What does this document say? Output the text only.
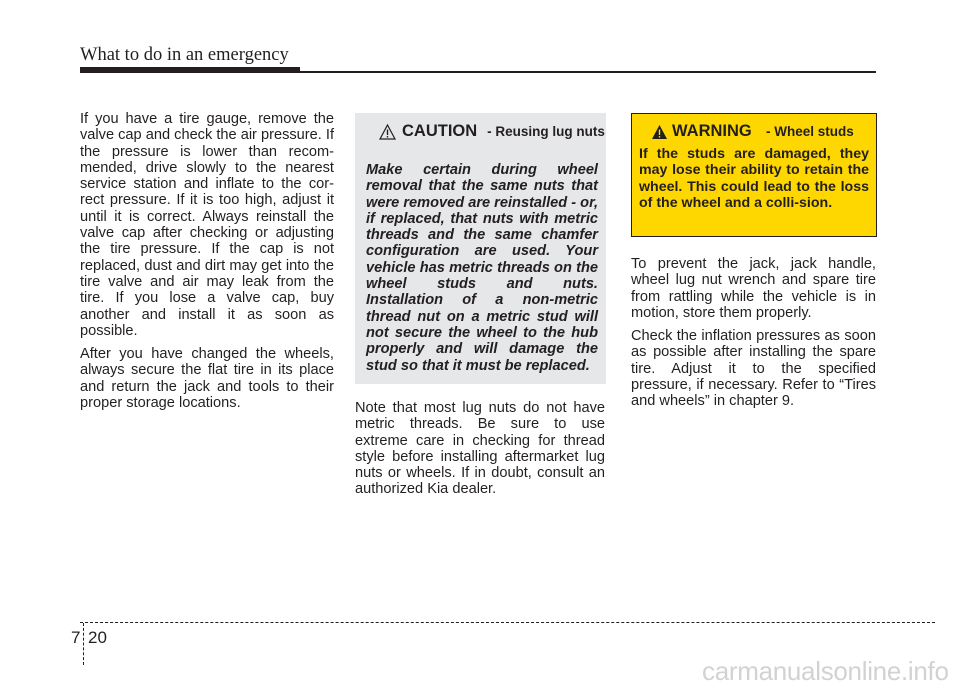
What to do in an emergency

If you have a tire gauge, remove the valve cap and check the air pressure. If the pressure is lower than recom-mended, drive slowly to the nearest service station and inflate to the cor-rect pressure. If it is too high, adjust it until it is correct. Always reinstall the valve cap after checking or adjusting the tire pressure. If the cap is not replaced, dust and dirt may get into the tire valve and air may leak from the tire. If you lose a valve cap, buy another and install it as soon as possible.

After you have changed the wheels, always secure the flat tire in its place and return the jack and tools to their proper storage locations.

CAUTION - Reusing lug nuts
Make certain during wheel removal that the same nuts that were removed are reinstalled - or, if replaced, that nuts with metric threads and the same chamfer configuration are used. Your vehicle has metric threads on the wheel studs and nuts. Installation of a non-metric thread nut on a metric stud will not secure the wheel to the hub properly and will damage the stud so that it must be replaced.

Note that most lug nuts do not have metric threads. Be sure to use extreme care in checking for thread style before installing aftermarket lug nuts or wheels. If in doubt, consult an authorized Kia dealer.

WARNING - Wheel studs
If the studs are damaged, they may lose their ability to retain the wheel. This could lead to the loss of the wheel and a colli-sion.

To prevent the jack, jack handle, wheel lug nut wrench and spare tire from rattling while the vehicle is in motion, store them properly.

Check the inflation pressures as soon as possible after installing the spare tire. Adjust it to the specified pressure, if necessary. Refer to “Tires and wheels” in chapter 9.

7 20
carmanualsonline.info
